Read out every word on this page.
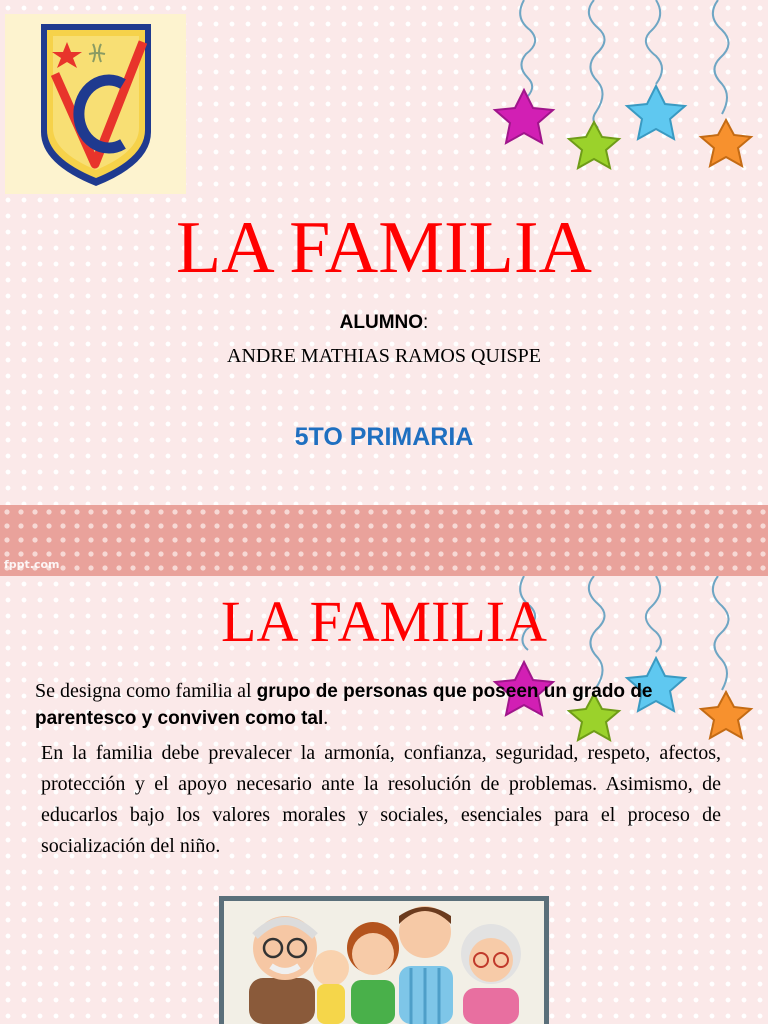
LA FAMILIA
ALUMNO:
ANDRE MATHIAS RAMOS QUISPE
5TO PRIMARIA
fppt.com
LA FAMILIA
Se designa como familia al grupo de personas que poseen un grado de parentesco y conviven como tal.
En la familia debe prevalecer la armonía, confianza, seguridad, respeto, afectos, protección y el apoyo necesario ante la resolución de problemas. Asimismo, de educarlos bajo los valores morales y sociales, esenciales para el proceso de socialización del niño.
